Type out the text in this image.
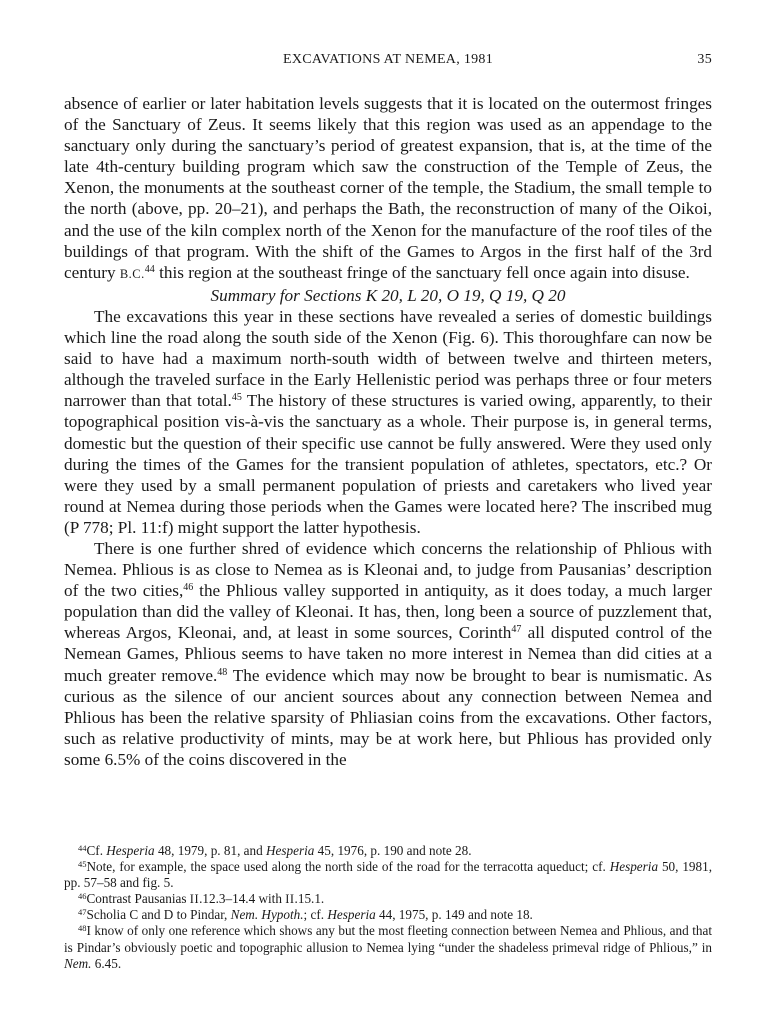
EXCAVATIONS AT NEMEA, 1981	35

absence of earlier or later habitation levels suggests that it is located on the outermost fringes of the Sanctuary of Zeus. It seems likely that this region was used as an appendage to the sanctuary only during the sanctuary’s period of greatest expansion, that is, at the time of the late 4th-century building program which saw the construction of the Temple of Zeus, the Xenon, the monuments at the southeast corner of the temple, the Stadium, the small temple to the north (above, pp. 20–21), and perhaps the Bath, the reconstruction of many of the Oikoi, and the use of the kiln complex north of the Xenon for the manufacture of the roof tiles of the buildings of that program. With the shift of the Games to Argos in the first half of the 3rd century B.C.$^{44}$ this region at the southeast fringe of the sanctuary fell once again into disuse.

Summary for Sections K 20, L 20, O 19, Q 19, Q 20

The excavations this year in these sections have revealed a series of domestic buildings which line the road along the south side of the Xenon (Fig. 6). This thoroughfare can now be said to have had a maximum north-south width of between twelve and thirteen meters, although the traveled surface in the Early Hellenistic period was perhaps three or four meters narrower than that total.$^{45}$ The history of these structures is varied owing, apparently, to their topographical position vis-à-vis the sanctuary as a whole. Their purpose is, in general terms, domestic but the question of their specific use cannot be fully answered. Were they used only during the times of the Games for the transient population of athletes, spectators, etc.? Or were they used by a small permanent population of priests and caretakers who lived year round at Nemea during those periods when the Games were located here? The inscribed mug (P 778; Pl. 11:f) might support the latter hypothesis.

There is one further shred of evidence which concerns the relationship of Phlious with Nemea. Phlious is as close to Nemea as is Kleonai and, to judge from Pausanias’ description of the two cities,$^{46}$ the Phlious valley supported in antiquity, as it does today, a much larger population than did the valley of Kleonai. It has, then, long been a source of puzzlement that, whereas Argos, Kleonai, and, at least in some sources, Corinth$^{47}$ all disputed control of the Nemean Games, Phlious seems to have taken no more interest in Nemea than did cities at a much greater remove.$^{48}$ The evidence which may now be brought to bear is numismatic. As curious as the silence of our ancient sources about any connection between Nemea and Phlious has been the relative sparsity of Phliasian coins from the excavations. Other factors, such as relative productivity of mints, may be at work here, but Phlious has provided only some 6.5% of the coins discovered in the

$^{44}$Cf. Hesperia 48, 1979, p. 81, and Hesperia 45, 1976, p. 190 and note 28.

$^{45}$Note, for example, the space used along the north side of the road for the terracotta aqueduct; cf. Hesperia 50, 1981, pp. 57–58 and fig. 5.

$^{46}$Contrast Pausanias II.12.3–14.4 with II.15.1.

$^{47}$Scholia C and D to Pindar, Nem. Hypoth.; cf. Hesperia 44, 1975, p. 149 and note 18.

$^{48}$I know of only one reference which shows any but the most fleeting connection between Nemea and Phlious, and that is Pindar’s obviously poetic and topographic allusion to Nemea lying “under the shadeless primeval ridge of Phlious,” in Nem. 6.45.
